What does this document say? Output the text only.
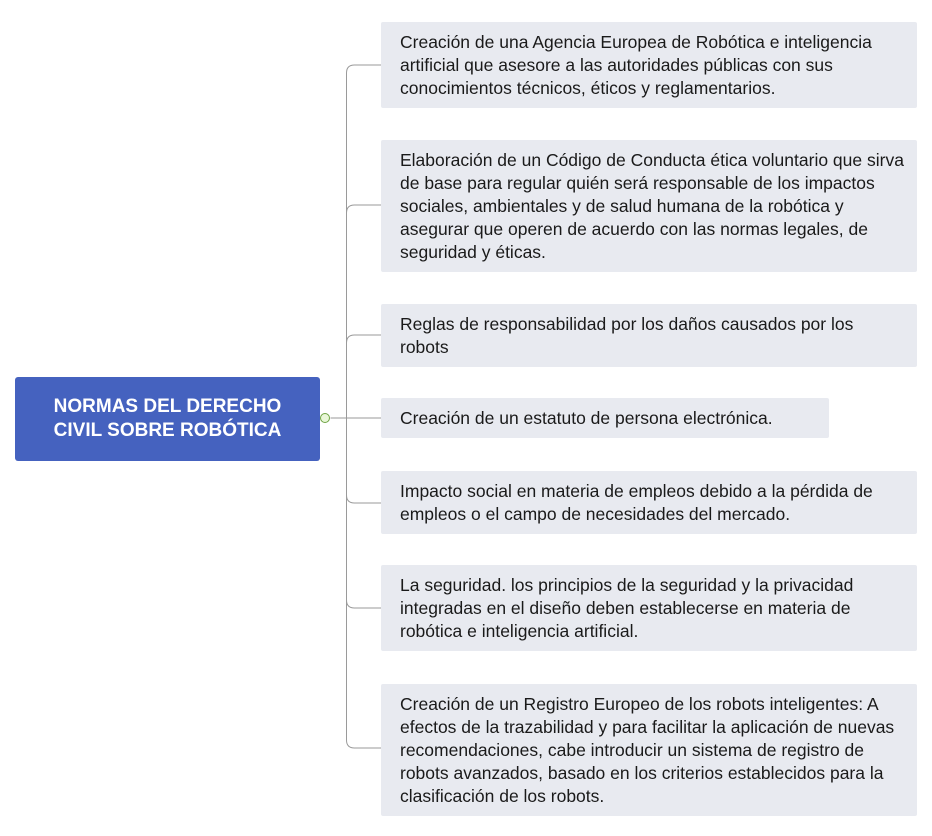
NORMAS DEL DERECHO CIVIL SOBRE ROBÓTICA
Creación de una Agencia Europea de Robótica e inteligencia artificial que asesore a las autoridades públicas con sus conocimientos técnicos, éticos y reglamentarios.
Elaboración de un Código de Conducta ética voluntario que sirva de base para regular quién será responsable de los impactos sociales, ambientales y de salud humana de la robótica y asegurar que operen de acuerdo con las normas legales, de seguridad y éticas.
Reglas de responsabilidad por los daños causados por los robots
Creación de un estatuto de persona electrónica.
Impacto social en materia de empleos debido a la pérdida de empleos o el campo de necesidades del mercado.
La seguridad. los principios de la seguridad y la privacidad integradas en el diseño deben establecerse en materia de robótica e inteligencia artificial.
Creación de un Registro Europeo de los robots inteligentes: A efectos de la trazabilidad y para facilitar la aplicación de nuevas recomendaciones, cabe introducir un sistema de registro de robots avanzados, basado en los criterios establecidos para la clasificación de los robots.
